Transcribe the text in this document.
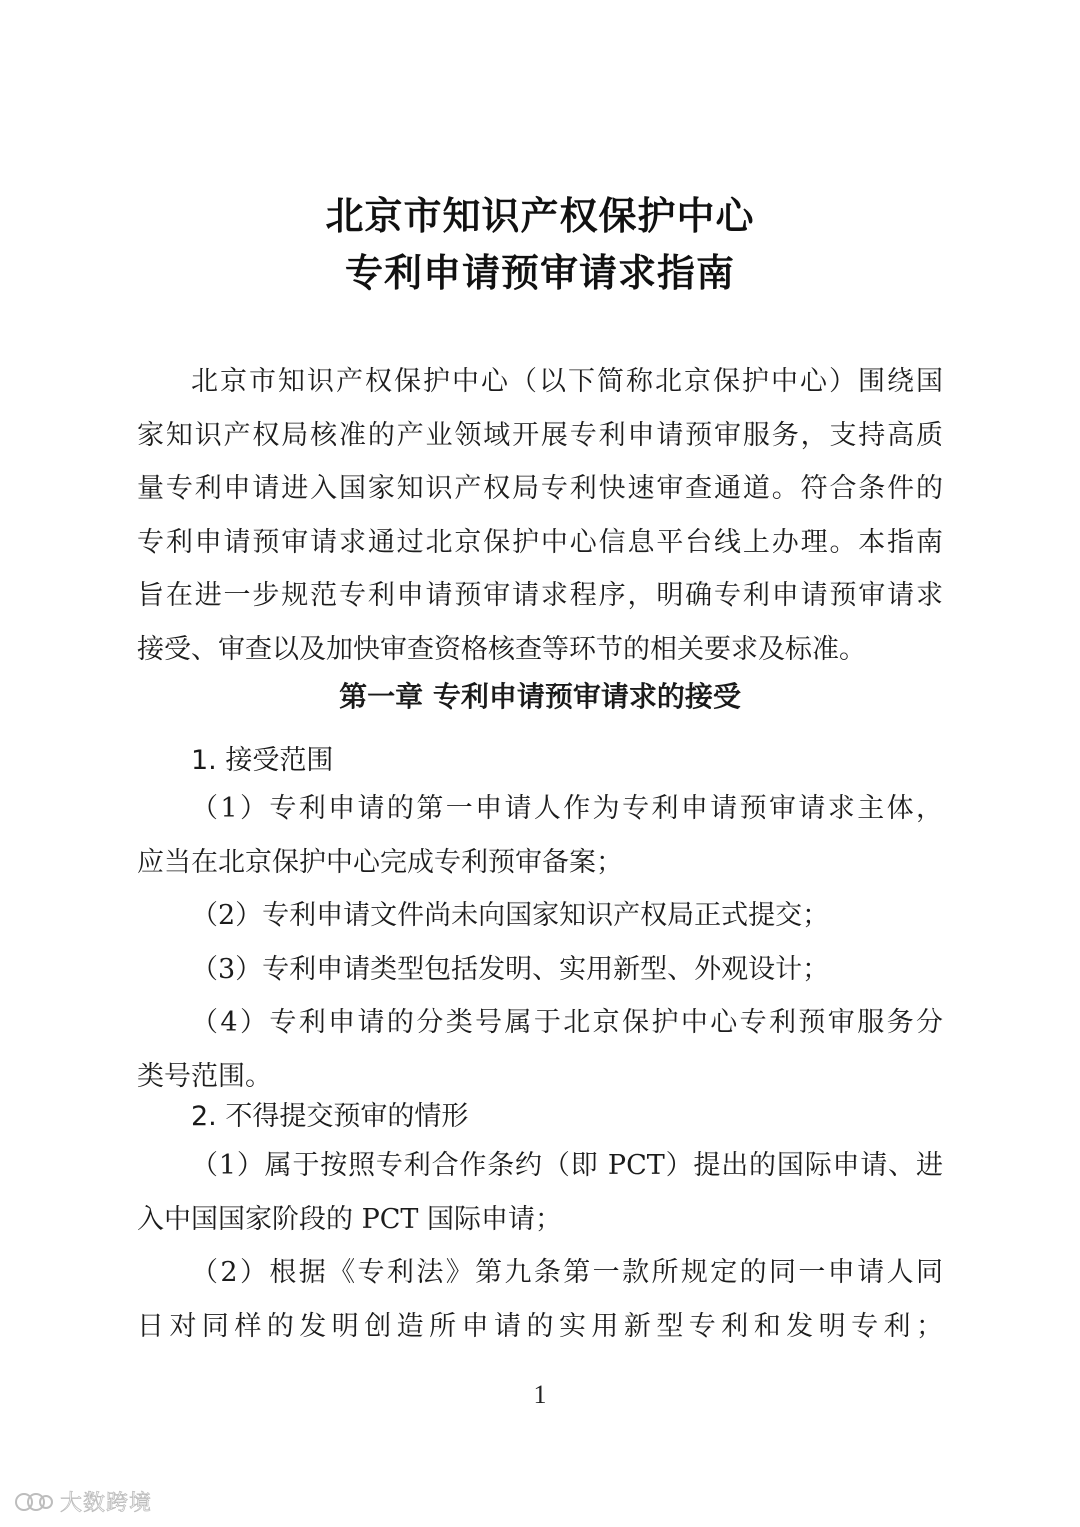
北京市知识产权保护中心
专利申请预审请求指南
北京市知识产权保护中心（以下简称北京保护中心）围绕国
家知识产权局核准的产业领域开展专利申请预审服务，支持高质
量专利申请进入国家知识产权局专利快速审查通道。符合条件的
专利申请预审请求通过北京保护中心信息平台线上办理。本指南
旨在进一步规范专利申请预审请求程序，明确专利申请预审请求
接受、审查以及加快审查资格核查等环节的相关要求及标准。
第一章 专利申请预审请求的接受
1. 接受范围
（1）专利申请的第一申请人作为专利申请预审请求主体，
应当在北京保护中心完成专利预审备案；
（2）专利申请文件尚未向国家知识产权局正式提交；
（3）专利申请类型包括发明、实用新型、外观设计；
（4）专利申请的分类号属于北京保护中心专利预审服务分
类号范围。
2. 不得提交预审的情形
（1）属于按照专利合作条约（即 PCT）提出的国际申请、进
入中国国家阶段的 PCT 国际申请；
（2）根据《专利法》第九条第一款所规定的同一申请人同
日对同样的发明创造所申请的实用新型专利和发明专利；
1
大数跨境
